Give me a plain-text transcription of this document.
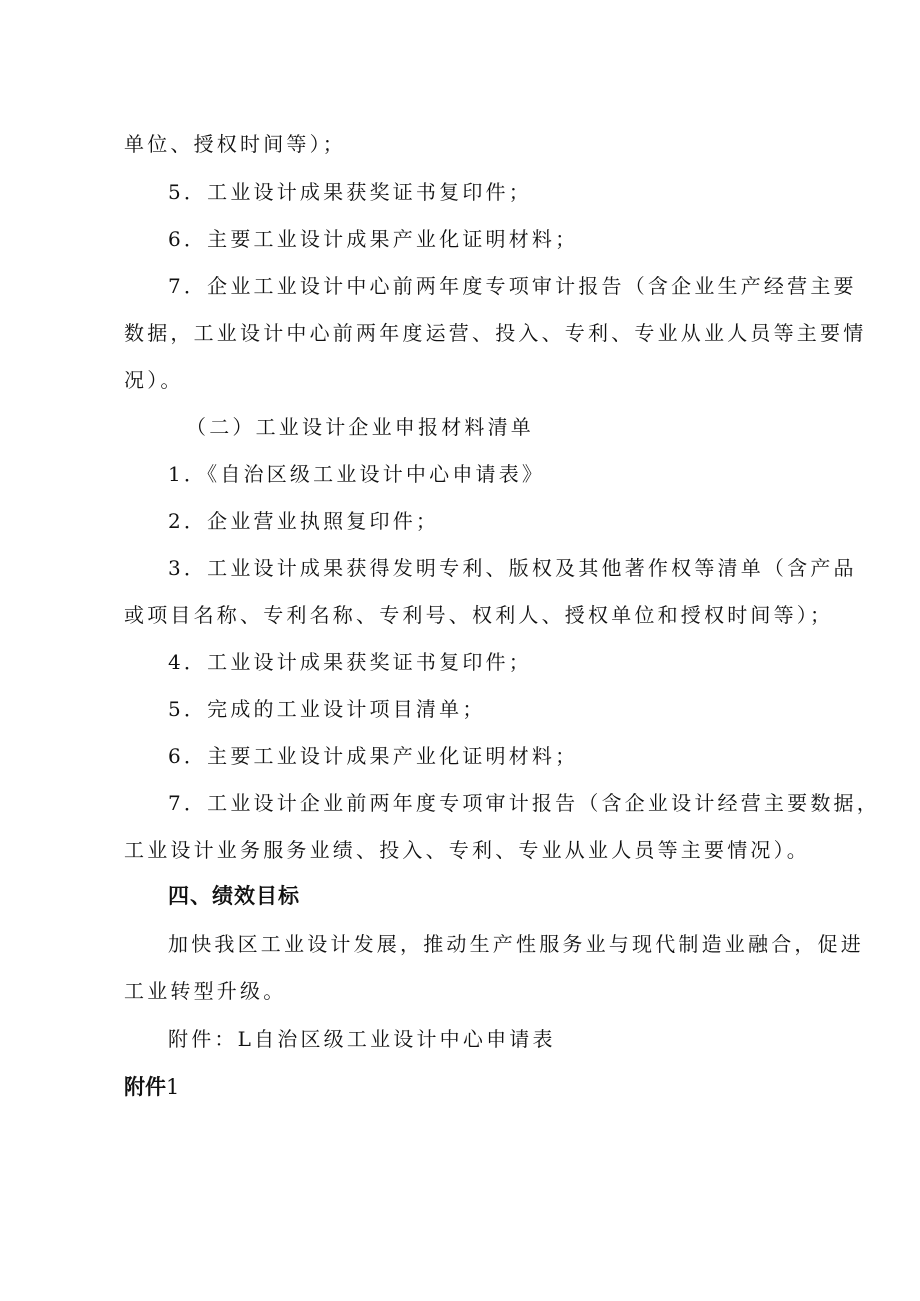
单位、授权时间等）；
5．工业设计成果获奖证书复印件；
6．主要工业设计成果产业化证明材料；
7．企业工业设计中心前两年度专项审计报告（含企业生产经营主要
数据，工业设计中心前两年度运营、投入、专利、专业从业人员等主要情
况）。
（二）工业设计企业申报材料清单
1．《自治区级工业设计中心申请表》
2．企业营业执照复印件；
3．工业设计成果获得发明专利、版权及其他著作权等清单（含产品
或项目名称、专利名称、专利号、权利人、授权单位和授权时间等）；
4．工业设计成果获奖证书复印件；
5．完成的工业设计项目清单；
6．主要工业设计成果产业化证明材料；
7．工业设计企业前两年度专项审计报告（含企业设计经营主要数据，
工业设计业务服务业绩、投入、专利、专业从业人员等主要情况）。
四、绩效目标
加快我区工业设计发展，推动生产性服务业与现代制造业融合，促进
工业转型升级。
附件：L自治区级工业设计中心申请表
附件1
